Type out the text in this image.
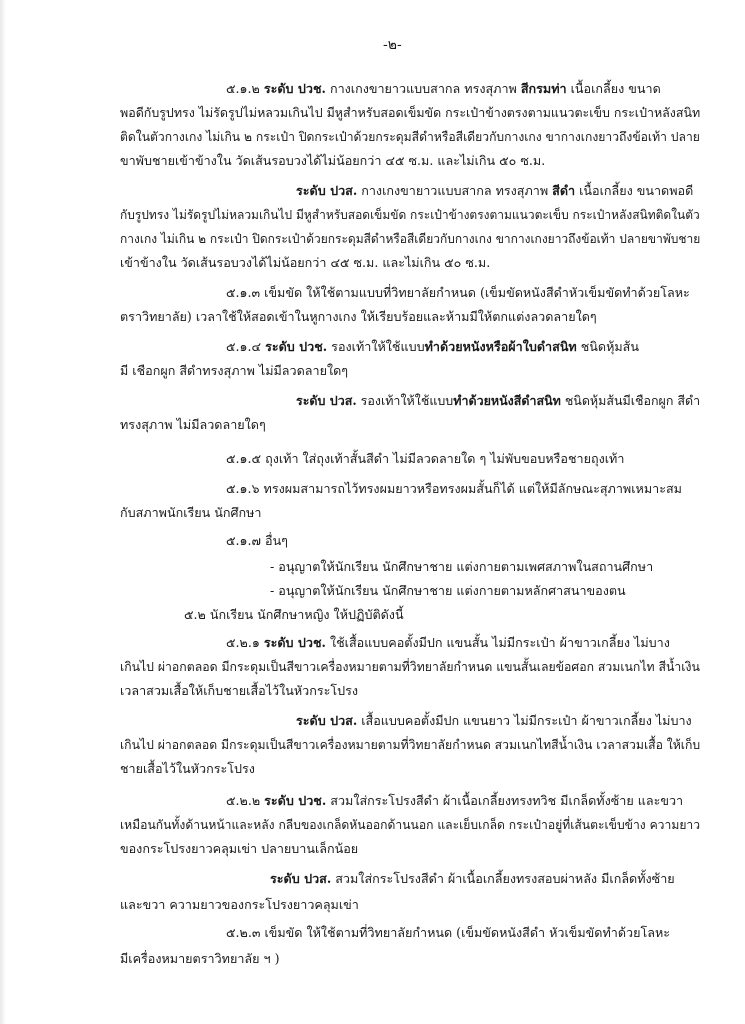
-๒-

๕.๑.๒ ระดับ ปวช. กางเกงขายาวแบบสากล ทรงสุภาพ สีกรมท่า เนื้อเกลี้ยง ขนาด

พอดีกับรูปทรง ไม่รัดรูปไม่หลวมเกินไป มีหูสำหรับสอดเข็มขัด กระเป๋าข้างตรงตามแนวตะเข็บ กระเป๋าหลังสนิท

ติดในตัวกางเกง ไม่เกิน ๒ กระเป๋า ปิดกระเป๋าด้วยกระดุมสีดำหรือสีเดียวกับกางเกง ขากางเกงยาวถึงข้อเท้า ปลาย

ขาพับชายเข้าข้างใน วัดเส้นรอบวงได้ไม่น้อยกว่า ๔๕ ซ.ม. และไม่เกิน ๕๐ ซ.ม.

ระดับ ปวส. กางเกงขายาวแบบสากล ทรงสุภาพ สีดำ เนื้อเกลี้ยง ขนาดพอดี

กับรูปทรง ไม่รัดรูปไม่หลวมเกินไป มีหูสำหรับสอดเข็มขัด กระเป๋าข้างตรงตามแนวตะเข็บ กระเป๋าหลังสนิทติดในตัว

กางเกง ไม่เกิน ๒ กระเป๋า ปิดกระเป๋าด้วยกระดุมสีดำหรือสีเดียวกับกางเกง ขากางเกงยาวถึงข้อเท้า ปลายขาพับชาย

เข้าข้างใน วัดเส้นรอบวงได้ไม่น้อยกว่า ๔๕ ซ.ม. และไม่เกิน ๕๐ ซ.ม.

๕.๑.๓ เข็มขัด ให้ใช้ตามแบบที่วิทยาลัยกำหนด (เข็มขัดหนังสีดำหัวเข็มขัดทำด้วยโลหะ

ตราวิทยาลัย) เวลาใช้ให้สอดเข้าในหูกางเกง ให้เรียบร้อยและห้ามมีให้ตกแต่งลวดลายใดๆ

๕.๑.๔ ระดับ ปวช. รองเท้าให้ใช้แบบทำด้วยหนังหรือผ้าใบดำสนิท ชนิดหุ้มส้น

มี เชือกผูก สีดำทรงสุภาพ ไม่มีลวดลายใดๆ

ระดับ ปวส. รองเท้าให้ใช้แบบทำด้วยหนังสีดำสนิท ชนิดหุ้มส้นมีเชือกผูก สีดำ

ทรงสุภาพ ไม่มีลวดลายใดๆ

๕.๑.๕ ถุงเท้า ใส่ถุงเท้าสั้นสีดำ ไม่มีลวดลายใด ๆ ไม่พับขอบหรือชายถุงเท้า

๕.๑.๖ ทรงผมสามารถไว้ทรงผมยาวหรือทรงผมสั้นก็ได้ แต่ให้มีลักษณะสุภาพเหมาะสม

กับสภาพนักเรียน นักศึกษา

๕.๑.๗ อื่นๆ

- อนุญาตให้นักเรียน นักศึกษาชาย แต่งกายตามเพศสภาพในสถานศึกษา

- อนุญาตให้นักเรียน นักศึกษาชาย แต่งกายตามหลักศาสนาของตน

๕.๒ นักเรียน นักศึกษาหญิง ให้ปฏิบัติดังนี้

๕.๒.๑ ระดับ ปวช. ใช้เสื้อแบบคอตั้งมีปก แขนสั้น ไม่มีกระเป๋า ผ้าขาวเกลี้ยง ไม่บาง

เกินไป ผ่าอกตลอด มีกระดุมเป็นสีขาวเครื่องหมายตามที่วิทยาลัยกำหนด แขนสั้นเลยข้อศอก สวมเนกไท สีน้ำเงิน

เวลาสวมเสื้อให้เก็บชายเสื้อไว้ในหัวกระโปรง

ระดับ ปวส. เสื้อแบบคอตั้งมีปก แขนยาว ไม่มีกระเป๋า ผ้าขาวเกลี้ยง ไม่บาง

เกินไป ผ่าอกตลอด มีกระดุมเป็นสีขาวเครื่องหมายตามที่วิทยาลัยกำหนด สวมเนกไทสีน้ำเงิน เวลาสวมเสื้อ ให้เก็บ

ชายเสื้อไว้ในหัวกระโปรง

๕.๒.๒ ระดับ ปวช. สวมใส่กระโปรงสีดำ ผ้าเนื้อเกลี้ยงทรงทวิช มีเกล็ดทั้งซ้าย และขวา

เหมือนกันทั้งด้านหน้าและหลัง กลีบของเกล็ดหันออกด้านนอก และเย็บเกล็ด กระเป๋าอยู่ที่เส้นตะเข็บข้าง ความยาว

ของกระโปรงยาวคลุมเข่า ปลายบานเล็กน้อย

ระดับ ปวส. สวมใส่กระโปรงสีดำ ผ้าเนื้อเกลี้ยงทรงสอบผ่าหลัง มีเกล็ดทั้งซ้าย

และขวา ความยาวของกระโปรงยาวคลุมเข่า

๕.๒.๓ เข็มขัด ให้ใช้ตามที่วิทยาลัยกำหนด (เข็มขัดหนังสีดำ หัวเข็มขัดทำด้วยโลหะ

มีเครื่องหมายตราวิทยาลัย ฯ )
